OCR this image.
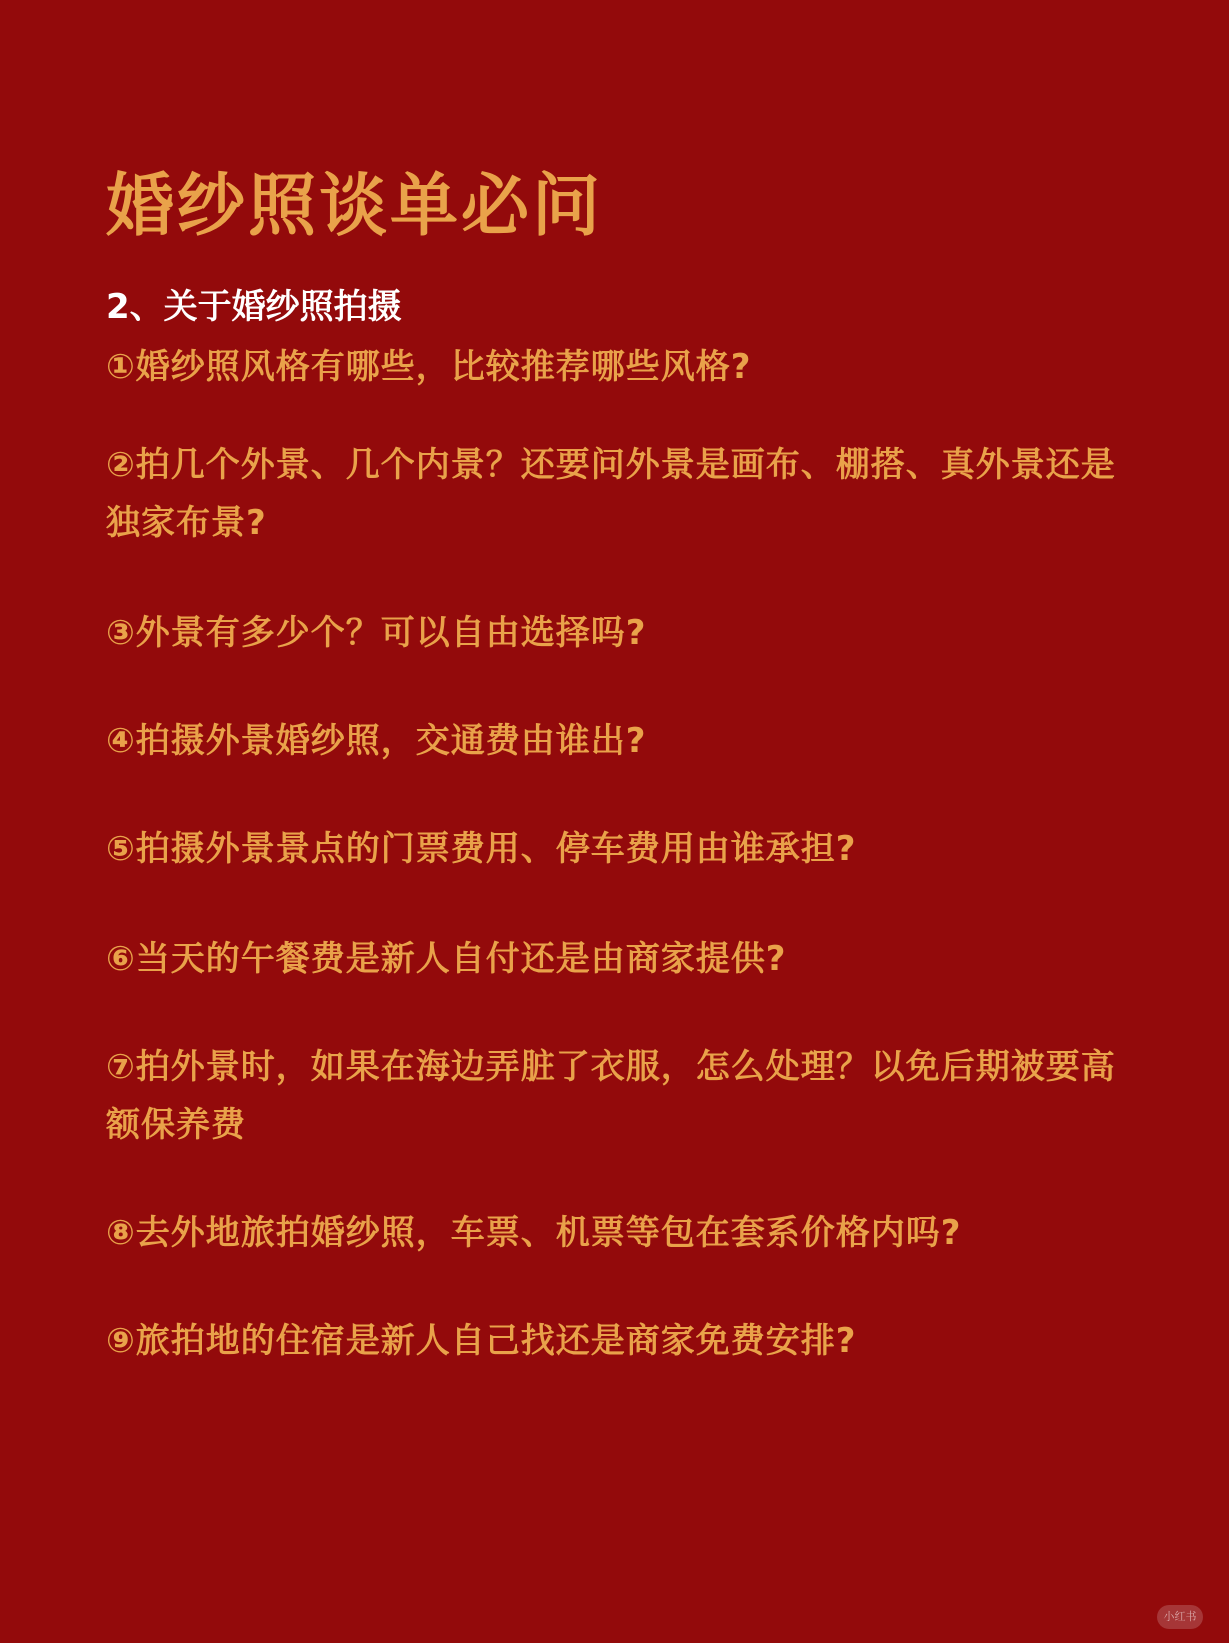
婚纱照谈单必问
2、关于婚纱照拍摄
①婚纱照风格有哪些，比较推荐哪些风格?
②拍几个外景、几个内景？还要问外景是画布、棚搭、真外景还是独家布景?
③外景有多少个？可以自由选择吗?
④拍摄外景婚纱照，交通费由谁出?
⑤拍摄外景景点的门票费用、停车费用由谁承担?
⑥当天的午餐费是新人自付还是由商家提供?
⑦拍外景时，如果在海边弄脏了衣服，怎么处理？以免后期被要高额保养费
⑧去外地旅拍婚纱照，车票、机票等包在套系价格内吗?
⑨旅拍地的住宿是新人自己找还是商家免费安排?
小红书
